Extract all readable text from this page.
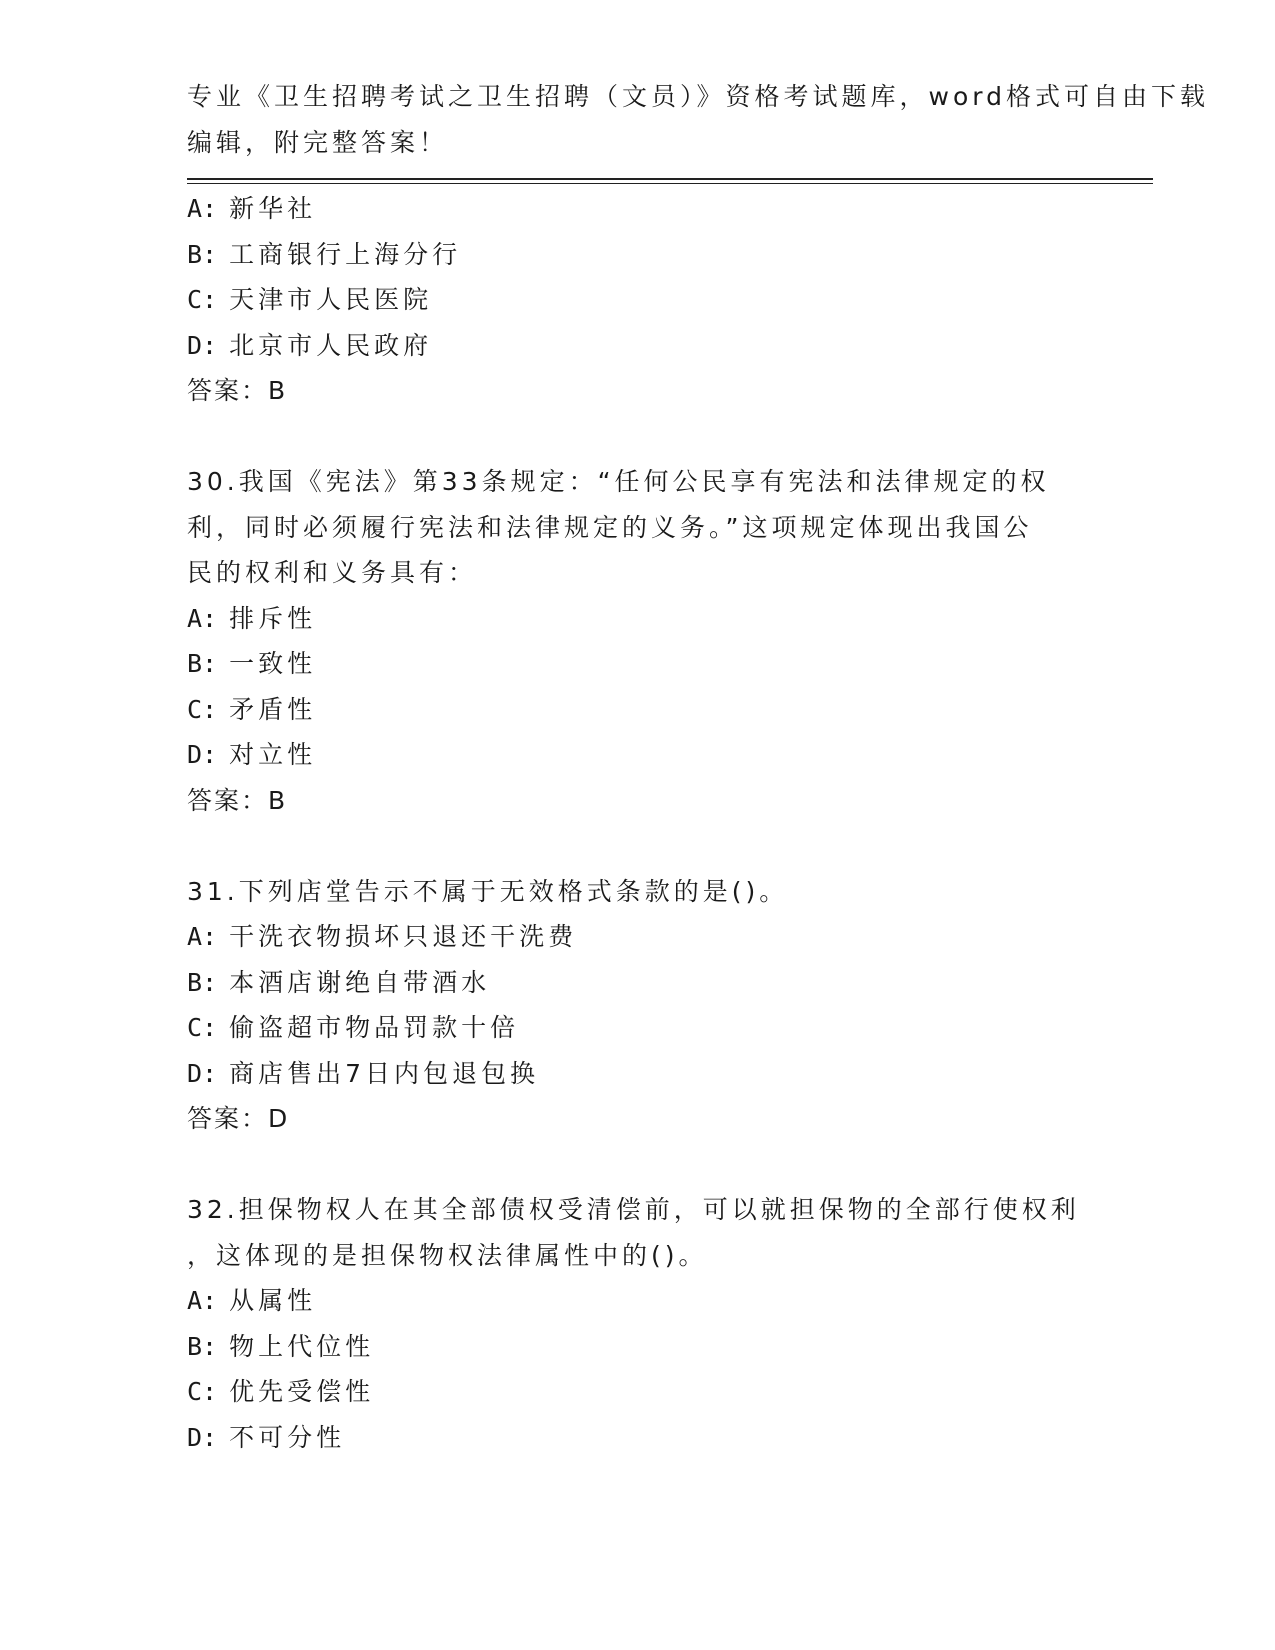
专业《卫生招聘考试之卫生招聘（文员）》资格考试题库，word格式可自由下载
编辑，附完整答案！
A: 新华社
B: 工商银行上海分行
C: 天津市人民医院
D: 北京市人民政府
答案：B
30.我国《宪法》第33条规定：“任何公民享有宪法和法律规定的权
利，同时必须履行宪法和法律规定的义务。”这项规定体现出我国公
民的权利和义务具有：
A: 排斥性
B: 一致性
C: 矛盾性
D: 对立性
答案：B
31.下列店堂告示不属于无效格式条款的是()。
A: 干洗衣物损坏只退还干洗费
B: 本酒店谢绝自带酒水
C: 偷盗超市物品罚款十倍
D: 商店售出7日内包退包换
答案：D
32.担保物权人在其全部债权受清偿前，可以就担保物的全部行使权利
，这体现的是担保物权法律属性中的()。
A: 从属性
B: 物上代位性
C: 优先受偿性
D: 不可分性
